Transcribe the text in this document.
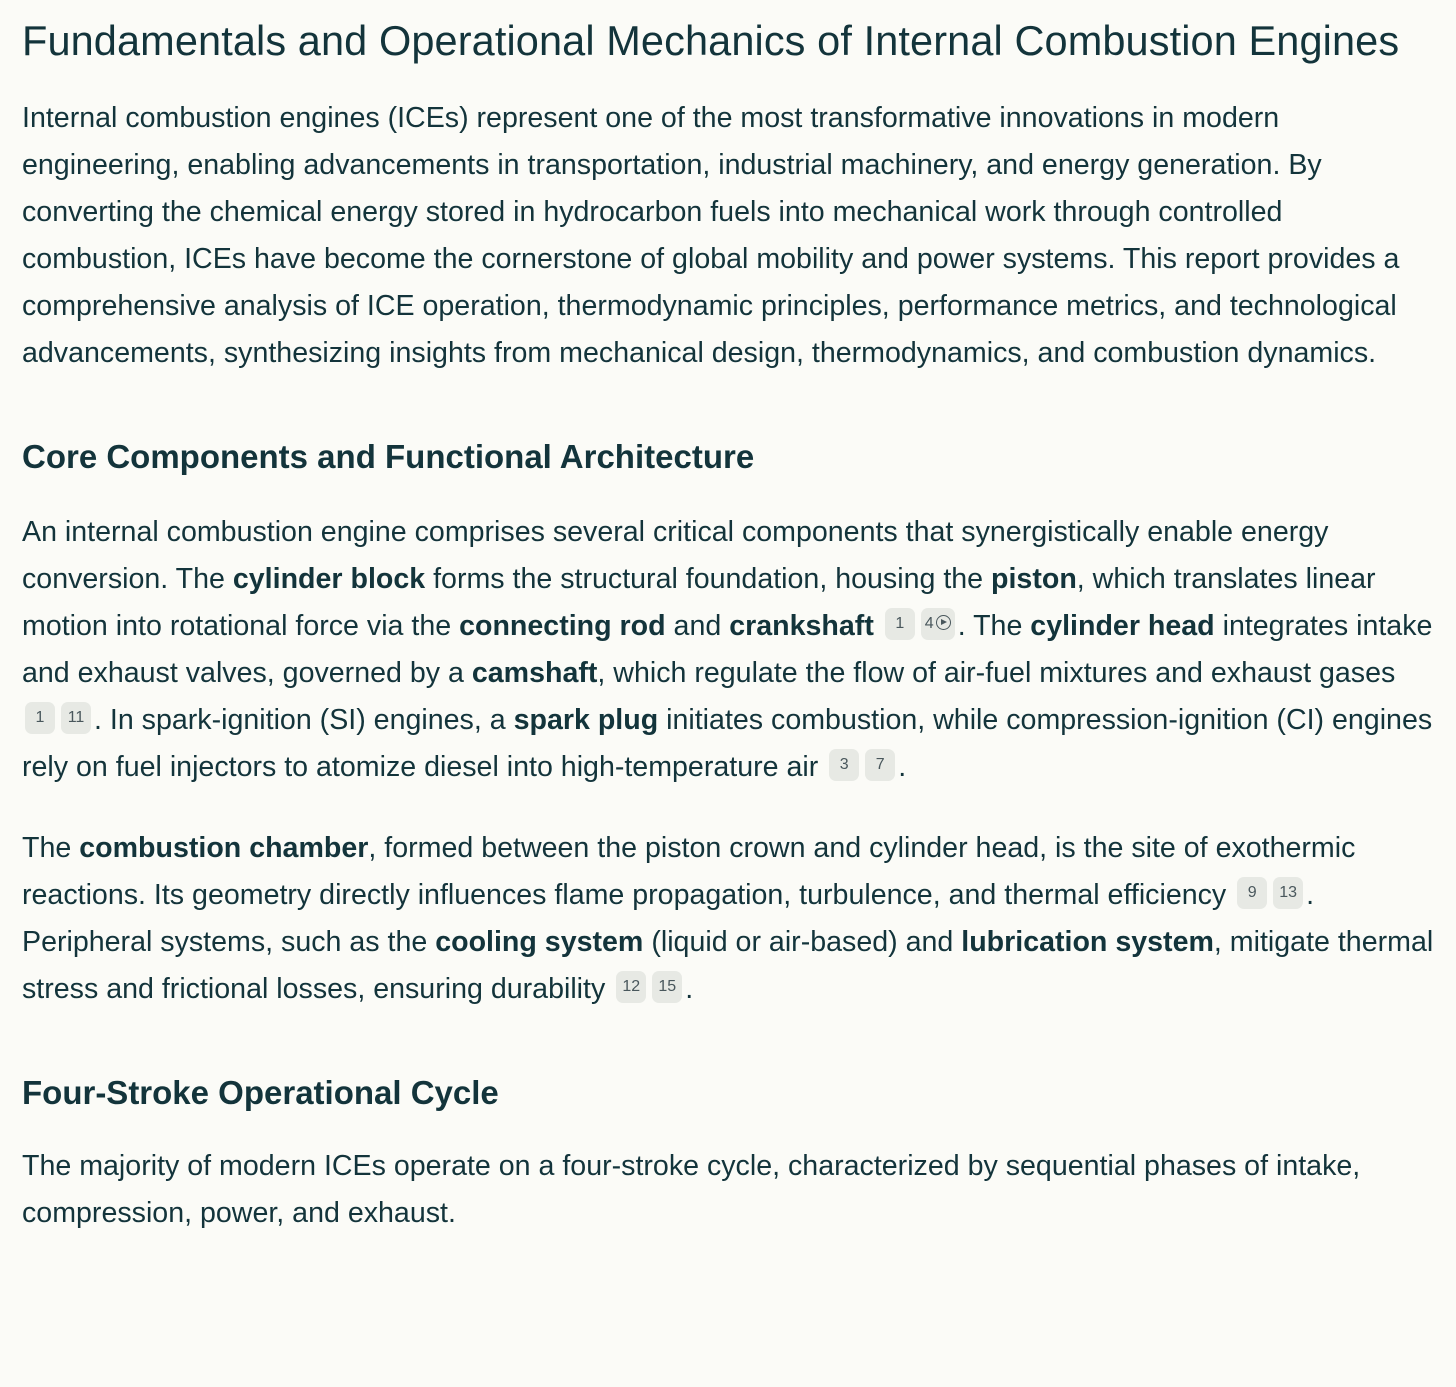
Fundamentals and Operational Mechanics of Internal Combustion Engines

Internal combustion engines (ICEs) represent one of the most transformative innovations in modern engineering, enabling advancements in transportation, industrial machinery, and energy generation. By converting the chemical energy stored in hydrocarbon fuels into mechanical work through controlled combustion, ICEs have become the cornerstone of global mobility and power systems. This report provides a comprehensive analysis of ICE operation, thermodynamic principles, performance metrics, and technological advancements, synthesizing insights from mechanical design, thermodynamics, and combustion dynamics.

Core Components and Functional Architecture

An internal combustion engine comprises several critical components that synergistically enable energy conversion. The cylinder block forms the structural foundation, housing the piston, which translates linear motion into rotational force via the connecting rod and crankshaft 1 4 . The cylinder head integrates intake and exhaust valves, governed by a camshaft, which regulate the flow of air-fuel mixtures and exhaust gases 1 11 . In spark-ignition (SI) engines, a spark plug initiates combustion, while compression-ignition (CI) engines rely on fuel injectors to atomize diesel into high-temperature air 3 7 .

The combustion chamber, formed between the piston crown and cylinder head, is the site of exothermic reactions. Its geometry directly influences flame propagation, turbulence, and thermal efficiency 9 13 . Peripheral systems, such as the cooling system (liquid or air-based) and lubrication system, mitigate thermal stress and frictional losses, ensuring durability 12 15 .

Four-Stroke Operational Cycle

The majority of modern ICEs operate on a four-stroke cycle, characterized by sequential phases of intake, compression, power, and exhaust.
